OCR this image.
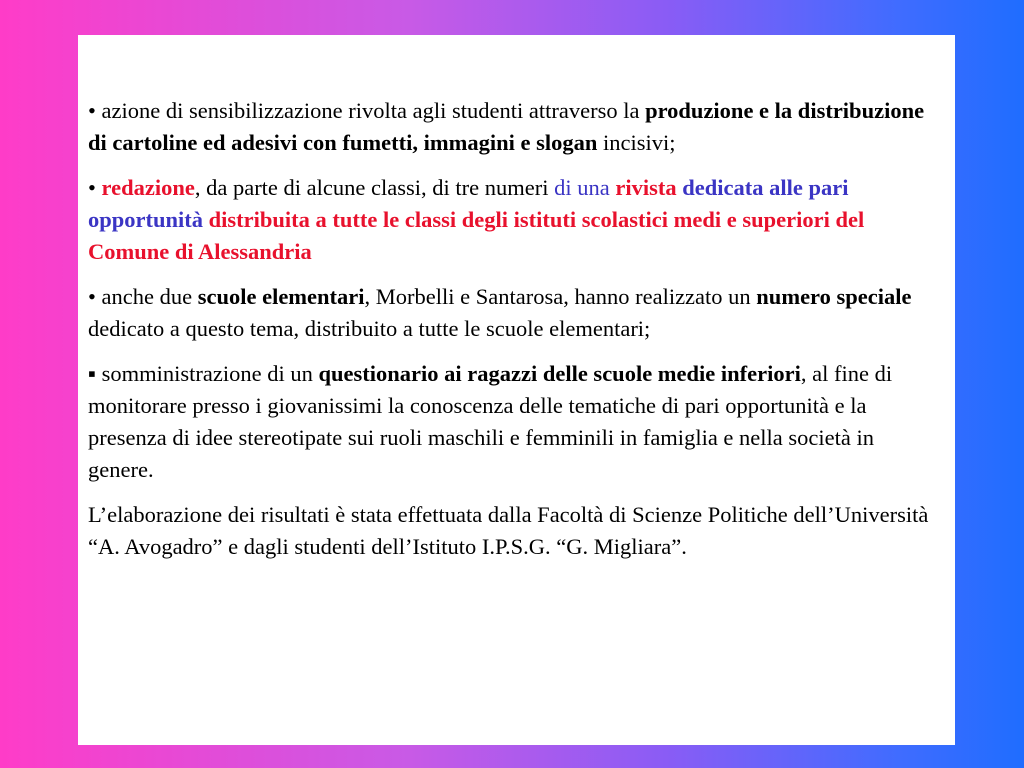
• azione di sensibilizzazione rivolta agli studenti attraverso la produzione e la distribuzione di cartoline ed adesivi con fumetti, immagini e slogan incisivi;

• redazione, da parte di alcune classi, di tre numeri di una rivista dedicata alle pari opportunità distribuita a tutte le classi degli istituti scolastici medi e superiori del Comune di Alessandria

• anche due scuole elementari, Morbelli e Santarosa, hanno realizzato un numero speciale dedicato a questo tema, distribuito a tutte le scuole elementari;

▪ somministrazione di un questionario ai ragazzi delle scuole medie inferiori, al fine di monitorare presso i giovanissimi la conoscenza delle tematiche di pari opportunità e la presenza di idee stereotipate sui ruoli maschili e femminili in famiglia e nella società in genere.

L’elaborazione dei risultati è stata effettuata dalla Facoltà di Scienze Politiche dell’Università “A. Avogadro” e dagli studenti dell’Istituto I.P.S.G. “G. Migliara”.
